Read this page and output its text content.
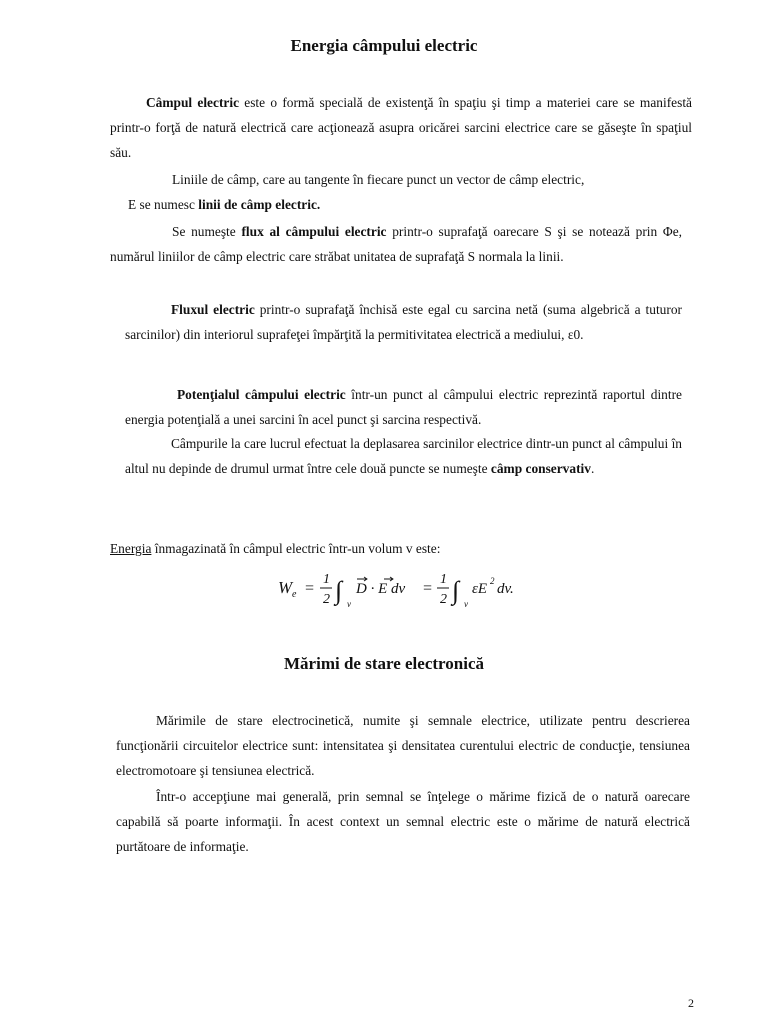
Energia câmpului electric

Câmpul electric este o formă specială de existenţă în spaţiu şi timp a materiei care se manifestă printr-o forţă de natură electrică care acţionează asupra oricărei sarcini electrice care se găseşte în spaţiul său.

Liniile de câmp, care au tangente în fiecare punct un vector de câmp electric,
E se numesc linii de câmp electric.

Se numeşte flux al câmpului electric printr-o suprafaţă oarecare S şi se notează prin Φe, numărul liniilor de câmp electric care străbat unitatea de suprafaţă S normala la linii.

Fluxul electric printr-o suprafaţă închisă este egal cu sarcina netă (suma algebrică a tuturor sarcinilor) din interiorul suprafeţei împărţită la permitivitatea electrică a mediului, ε0.

Potenţialul câmpului electric într-un punct al câmpului electric reprezintă raportul dintre energia potenţială a unei sarcini în acel punct şi sarcina respectivă.

Câmpurile la care lucrul efectuat la deplasarea sarcinilor electrice dintr-un punct al câmpului în altul nu depinde de drumul urmat între cele două puncte se numeşte câmp conservativ.

Energia înmagazinată în câmpul electric într-un volum v este:

W e =
1
2 ∫ v
D · E dv =
1
2 ∫ v
εE 2 dv.
Mărimi de stare electronică

Mărimile de stare electrocinetică, numite şi semnale electrice, utilizate pentru descrierea funcţionării circuitelor electrice sunt: intensitatea şi densitatea curentului electric de conducţie, tensiunea electromotoare şi tensiunea electrică.

Într-o accepţiune mai generală, prin semnal se înţelege o mărime fizică de o natură oarecare capabilă să poarte informaţii. În acest context un semnal electric este o mărime de natură electrică purtătoare de informaţie.

2
